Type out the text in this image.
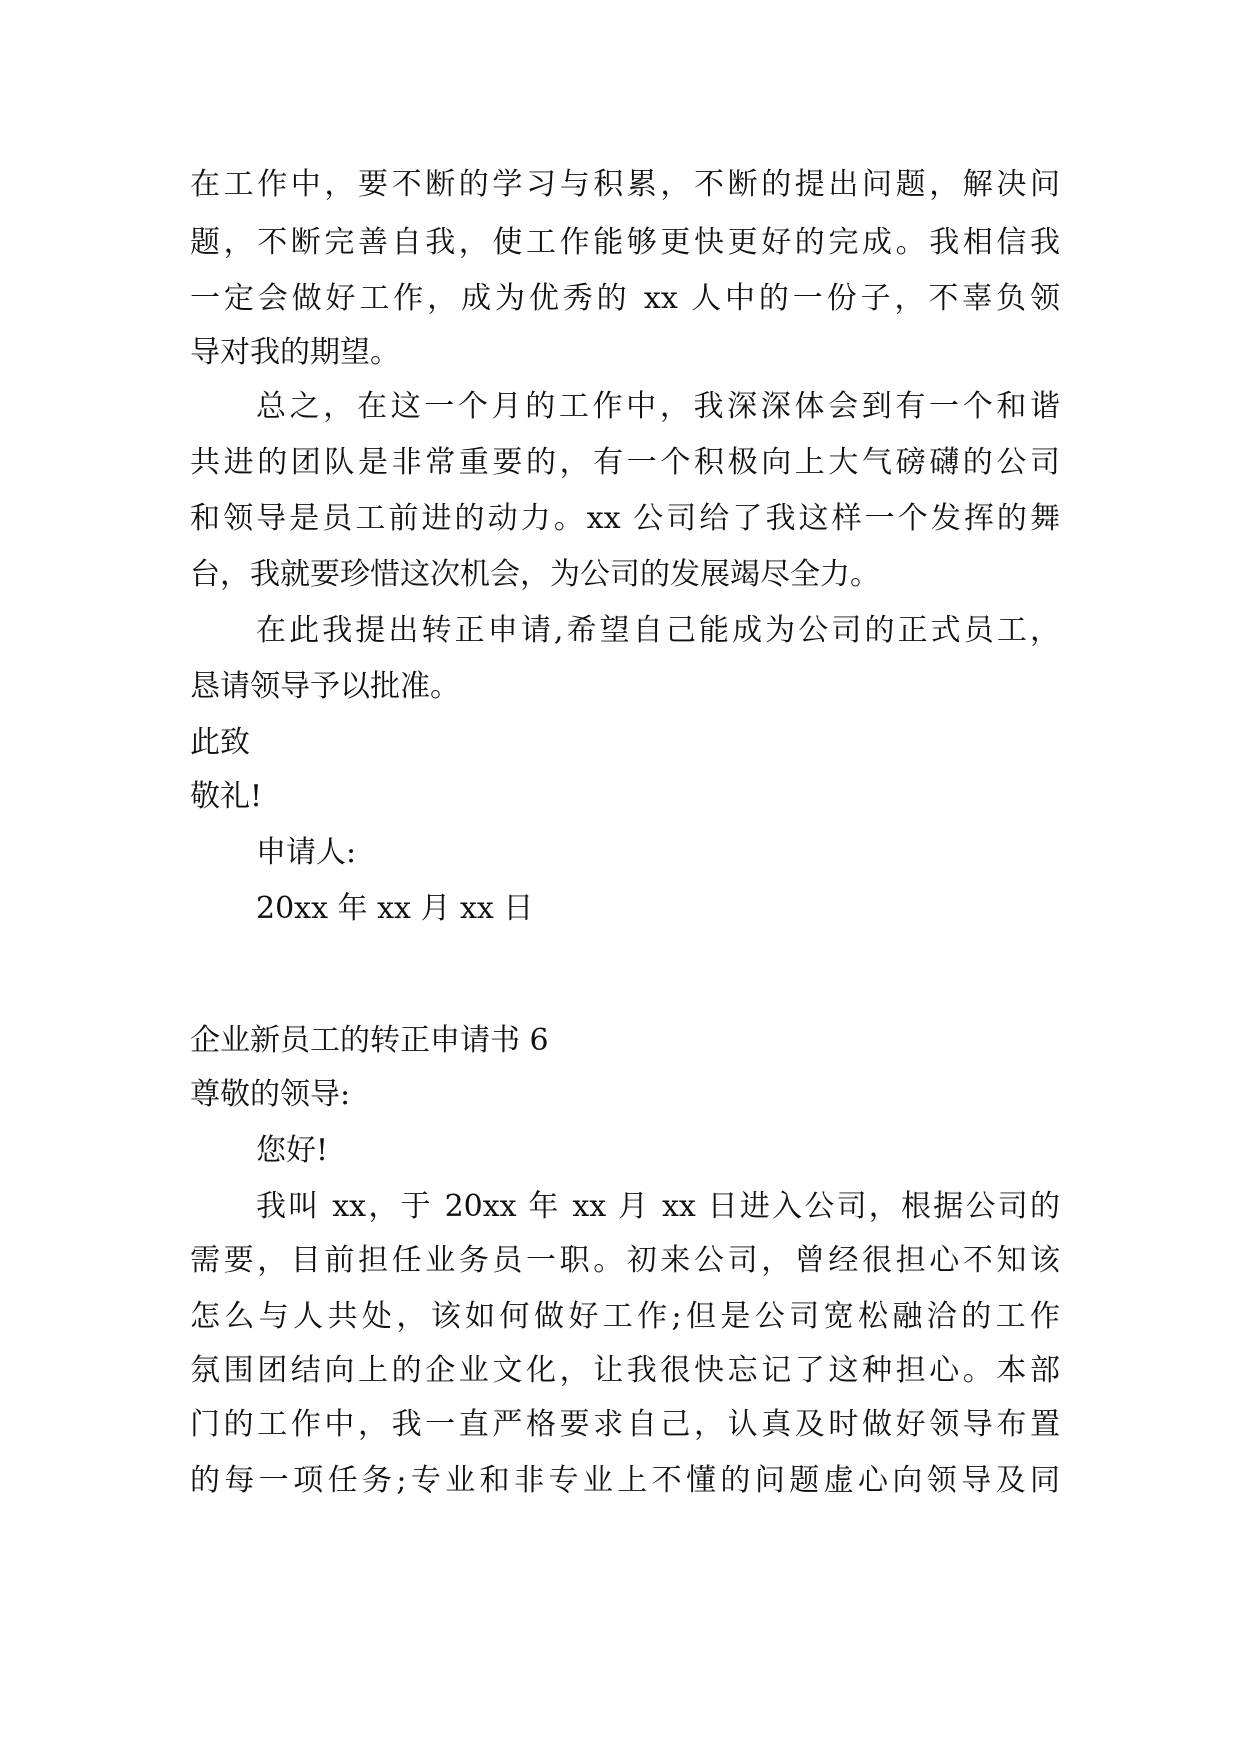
在工作中，要不断的学习与积累，不断的提出问题，解决问
题，不断完善自我，使工作能够更快更好的完成。我相信我
一定会做好工作，成为优秀的 xx 人中的一份子，不辜负领
导对我的期望。
总之，在这一个月的工作中，我深深体会到有一个和谐
共进的团队是非常重要的，有一个积极向上大气磅礴的公司
和领导是员工前进的动力。xx 公司给了我这样一个发挥的舞
台，我就要珍惜这次机会，为公司的发展竭尽全力。
在此我提出转正申请,希望自己能成为公司的正式员工，
恳请领导予以批准。
此致
敬礼!
申请人:
20xx 年 xx 月 xx 日
企业新员工的转正申请书 6
尊敬的领导:
您好!
我叫 xx，于 20xx 年 xx 月 xx 日进入公司，根据公司的
需要，目前担任业务员一职。初来公司，曾经很担心不知该
怎么与人共处，该如何做好工作;但是公司宽松融洽的工作
氛围团结向上的企业文化，让我很快忘记了这种担心。本部
门的工作中，我一直严格要求自己，认真及时做好领导布置
的每一项任务;专业和非专业上不懂的问题虚心向领导及同
